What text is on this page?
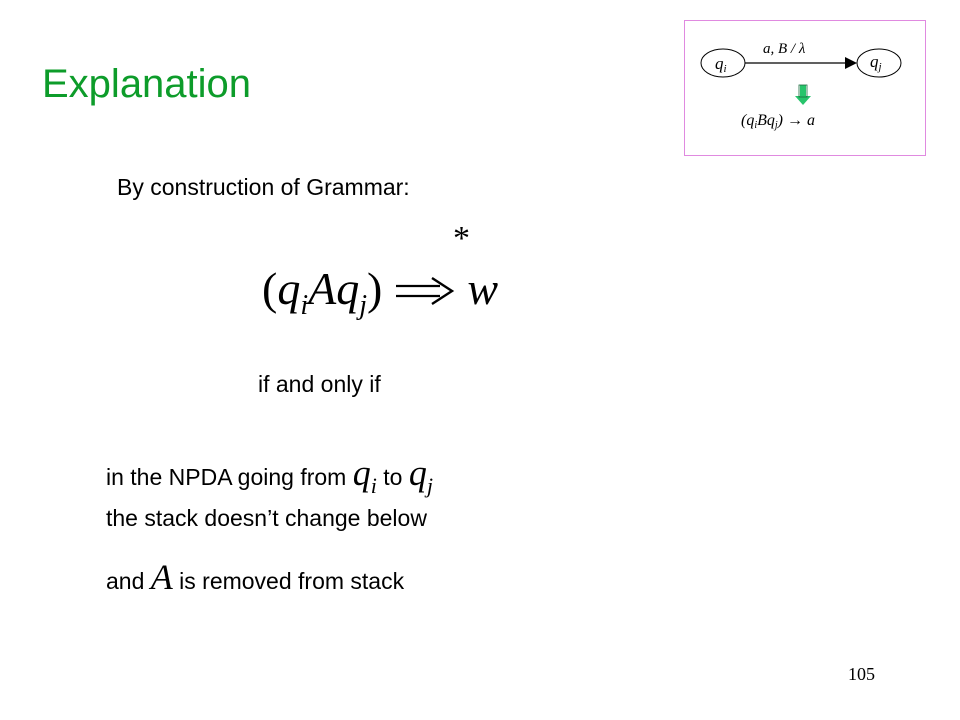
Explanation
By construction of Grammar:
*
$(q_iAq_j)$ w
if and only if
in the NPDA going from $q_i$ to $q_j$
the stack doesn’t change below
and A is removed from stack
105
qi	qj
a, B / λ
(qiBqj) → a
